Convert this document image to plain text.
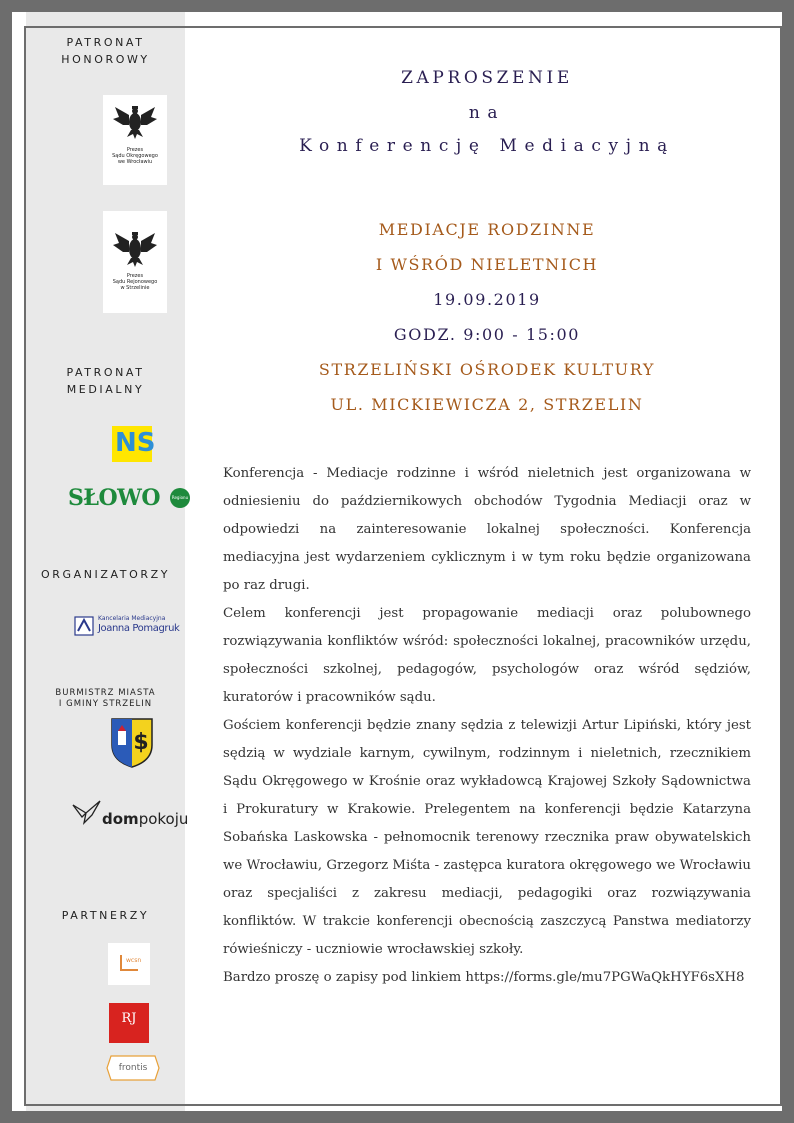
PATRONAT
HONOROWY
Prezes
Sądu Okręgowego
we Wrocławiu
Prezes
Sądu Rejonowego
w Strzelinie
PATRONAT
MEDIALNY
NS
SŁOWO	Regionu
ORGANIZATORZY
Kancelaria Mediacyjna
Joanna Pomagruk
BURMISTRZ MIASTA
I GMINY STRZELIN
$
dompokoju
PARTNERZY
wcsn
RJ
frontis
ZAPROSZENIE
na
Konferencję Mediacyjną
MEDIACJE RODZINNE
I WŚRÓD NIELETNICH
19.09.2019
GODZ. 9:00 - 15:00
STRZELIŃSKI OŚRODEK KULTURY
UL. MICKIEWICZA 2, STRZELIN

Konferencja - Mediacje rodzinne i wśród nieletnich jest organizowana w odniesieniu do październikowych obchodów Tygodnia Mediacji oraz w odpowiedzi na zainteresowanie lokalnej społeczności. Konferencja mediacyjna jest wydarzeniem cyklicznym i w tym roku będzie organizowana po raz drugi.

Celem konferencji jest propagowanie mediacji oraz polubownego rozwiązywania konfliktów wśród: społeczności lokalnej, pracowników urzędu, społeczności szkolnej, pedagogów, psychologów oraz wśród sędziów, kuratorów i pracowników sądu.

Gościem konferencji będzie znany sędzia z telewizji Artur Lipiński, który jest sędzią w wydziale karnym, cywilnym, rodzinnym i nieletnich, rzecznikiem Sądu Okręgowego w Krośnie oraz wykładowcą Krajowej Szkoły Sądownictwa i Prokuratury w Krakowie. Prelegentem na konferencji będzie Katarzyna Sobańska Laskowska - pełnomocnik terenowy rzecznika praw obywatelskich we Wrocławiu, Grzegorz Miśta - zastępca kuratora okręgowego we Wrocławiu oraz specjaliści z zakresu mediacji, pedagogiki oraz rozwiązywania konfliktów. W trakcie konferencji obecnością zaszczycą Panstwa mediatorzy rówieśniczy - uczniowie wrocławskiej szkoły.

Bardzo proszę o zapisy pod linkiem https://forms.gle/mu7PGWaQkHYF6sXH8
